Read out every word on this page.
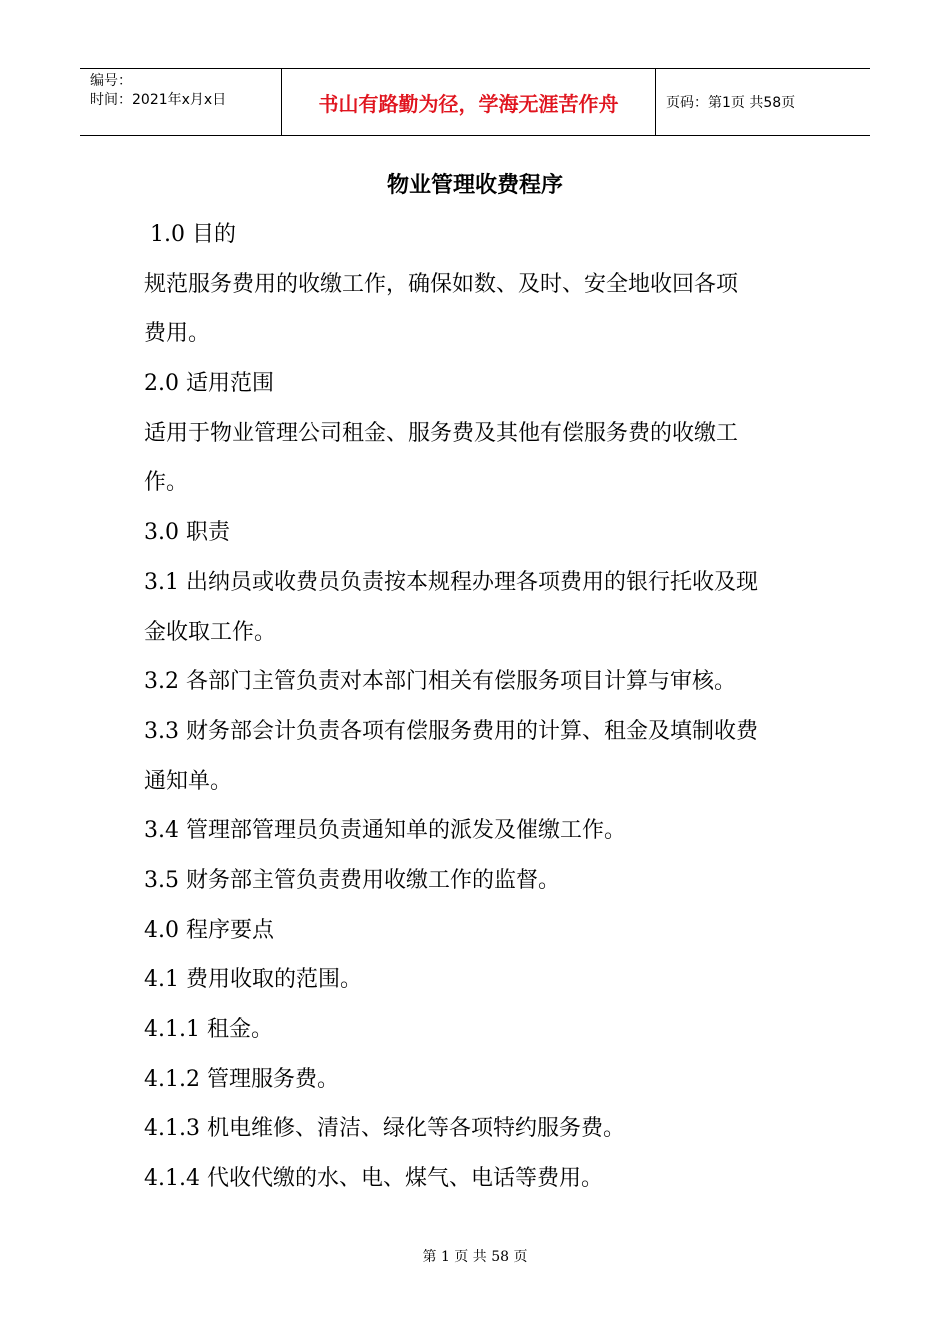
编号：
时间：2021年x月x日	书山有路勤为径，学海无涯苦作舟	页码：第1页 共58页
物业管理收费程序
1.0 目的
规范服务费用的收缴工作，确保如数、及时、安全地收回各项
费用。
2.0 适用范围
适用于物业管理公司租金、服务费及其他有偿服务费的收缴工
作。
3.0 职责
3.1 出纳员或收费员负责按本规程办理各项费用的银行托收及现
金收取工作。
3.2 各部门主管负责对本部门相关有偿服务项目计算与审核。
3.3 财务部会计负责各项有偿服务费用的计算、租金及填制收费
通知单。
3.4 管理部管理员负责通知单的派发及催缴工作。
3.5 财务部主管负责费用收缴工作的监督。
4.0 程序要点
4.1 费用收取的范围。
4.1.1 租金。
4.1.2 管理服务费。
4.1.3 机电维修、清洁、绿化等各项特约服务费。
4.1.4 代收代缴的水、电、煤气、电话等费用。
第 1 页 共 58 页
